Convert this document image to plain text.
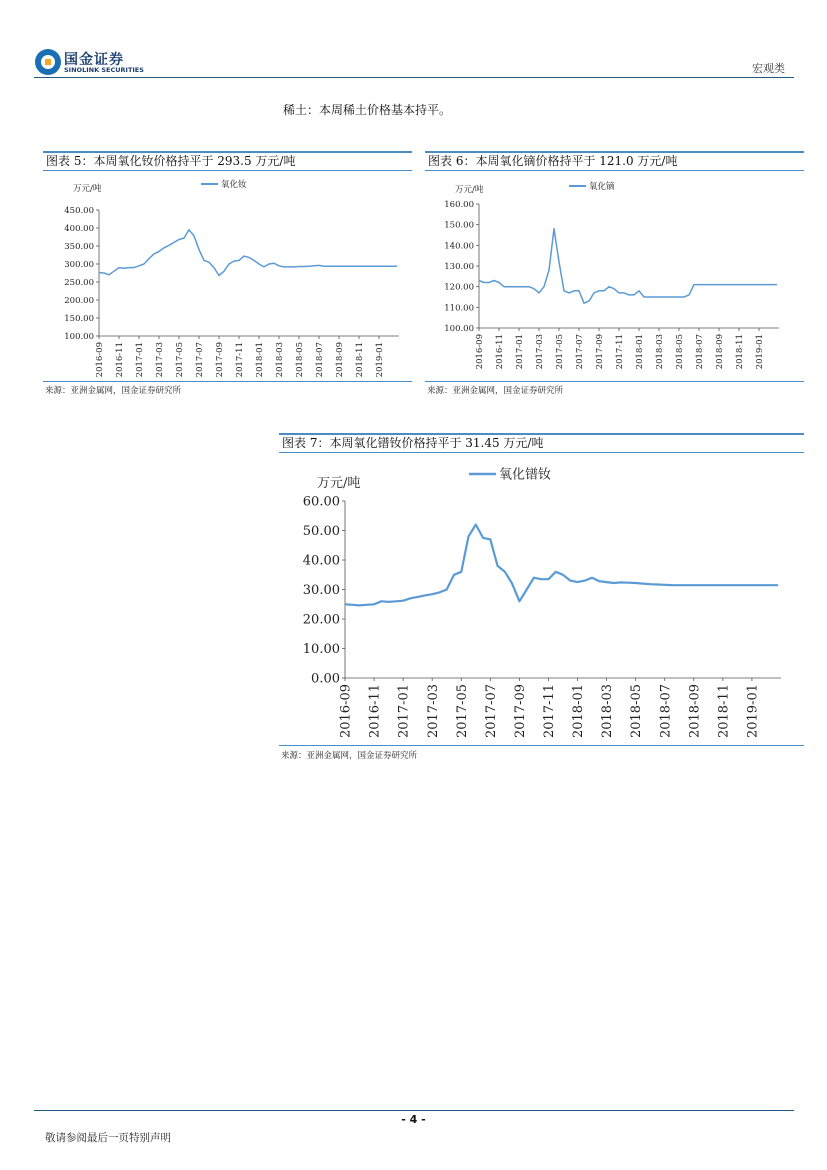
国金证券
SINOLINK SECURITIES	宏观类
稀土：本周稀土价格基本持平。
图表 5：本周氧化钕价格持平于 293.5 万元/吨
100.00
150.00
200.00
250.00
300.00
350.00
400.00
450.00
2016-09 2016-11 2017-01 2017-03 2017-05 2017-07 2017-09 2017-11 2018-01 2018-03 2018-05 2018-07 2018-09 2018-11 2019-01
万元/吨	氧化钕
来源：亚洲金属网，国金证券研究所
图表 6：本周氧化镝价格持平于 121.0 万元/吨
100.00
110.00
120.00
130.00
140.00
150.00
160.00
2016-09 2016-11 2017-01 2017-03 2017-05 2017-07 2017-09 2017-11 2018-01 2018-03 2018-05 2018-07 2018-09 2018-11 2019-01
万元/吨	氧化镝
来源：亚洲金属网，国金证券研究所
图表 7：本周氧化镨钕价格持平于 31.45 万元/吨
0.00
10.00
20.00
30.00
40.00
50.00
60.00
2016-09 2016-11 2017-01 2017-03 2017-05 2017-07 2017-09 2017-11 2018-01 2018-03 2018-05 2018-07 2018-09 2018-11 2019-01
万元/吨
氧化镨钕
来源：亚洲金属网，国金证券研究所
- 4 -
敬请参阅最后一页特别声明
